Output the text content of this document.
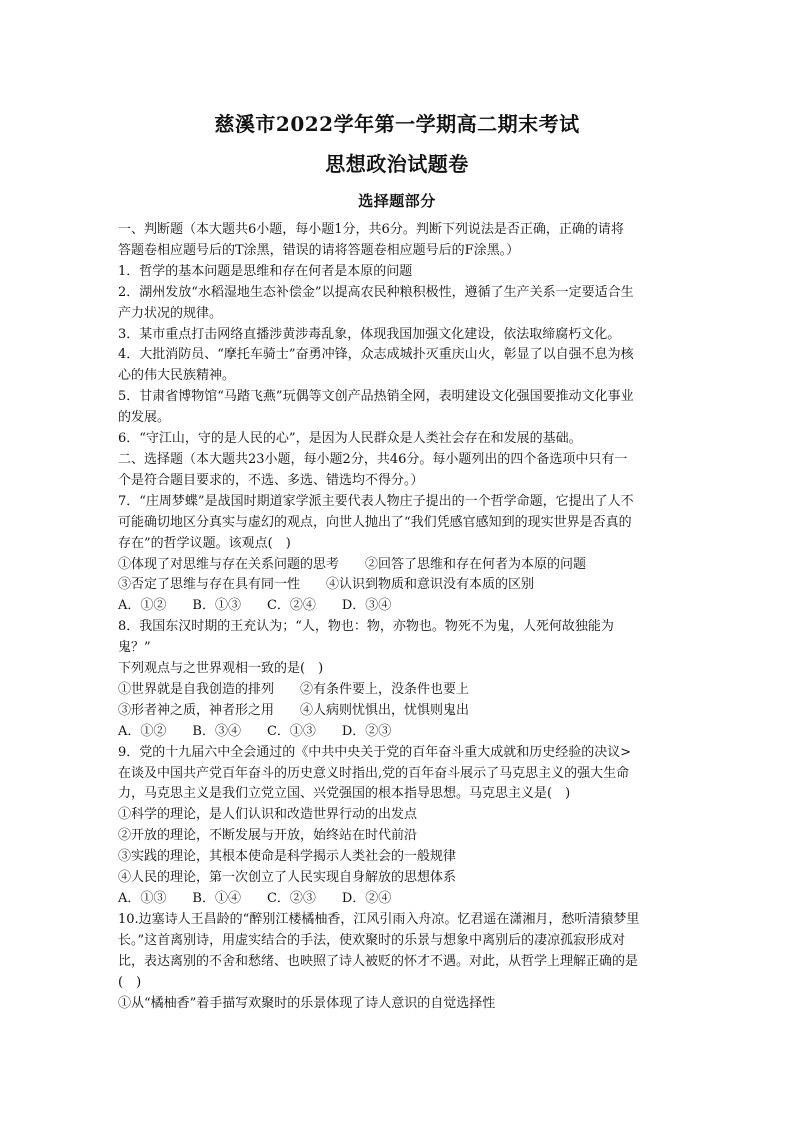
慈溪市2022学年第一学期高二期末考试
思想政治试题卷
选择题部分

一、判断题（本大题共6小题，每小题1分，共6分。判断下列说法是否正确，正确的请将

答题卷相应题号后的T涂黑，错误的请将答题卷相应题号后的F涂黑。）

1．哲学的基本问题是思维和存在何者是本原的问题

2．湖州发放“水稻湿地生态补偿金”以提高农民种粮积极性，遵循了生产关系一定要适合生

产力状况的规律。

3．某市重点打击网络直播涉黄涉毒乱象，体现我国加强文化建设，依法取缔腐朽文化。

4．大批消防员、“摩托车骑士”奋勇冲锋，众志成城扑灭重庆山火，彰显了以自强不息为核

心的伟大民族精神。

5．甘肃省博物馆“马踏飞燕”玩偶等文创产品热销全网，表明建设文化强国要推动文化事业

的发展。

6．“守江山，守的是人民的心”，是因为人民群众是人类社会存在和发展的基础。

二、选择题（本大题共23小题，每小题2分，共46分。每小题列出的四个备选项中只有一

个是符合题目要求的，不选、多选、错选均不得分。）

7．“庄周梦蝶”是战国时期道家学派主要代表人物庄子提出的一个哲学命题，它提出了人不

可能确切地区分真实与虚幻的观点，向世人抛出了“我们凭感官感知到的现实世界是否真的

存在”的哲学议题。该观点(　)

①体现了对思维与存在关系问题的思考　　②回答了思维和存在何者为本原的问题

③否定了思维与存在具有同一性　　④认识到物质和意识没有本质的区别

A．①②　　B．①③　　C．②④　　D．③④

8．我国东汉时期的王充认为；“人，物也：物，亦物也。物死不为鬼，人死何故独能为

鬼？”

下列观点与之世界观相一致的是(　)

①世界就是自我创造的排列　　②有条件要上，没条件也要上

③形者神之质，神者形之用　　④人病则忧惧出，忧惧则鬼出

A．①②　　B．③④　　C．①③　　D．②③

9．党的十九届六中全会通过的《中共中央关于党的百年奋斗重大成就和历史经验的决议>

在谈及中国共产党百年奋斗的历史意义时指出,党的百年奋斗展示了马克思主义的强大生命

力，马克思主义是我们立党立国、兴党强国的根本指导思想。马克思主义是(　)

①科学的理论，是人们认识和改造世界行动的出发点

②开放的理论，不断发展与开放，始终站在时代前沿

③实践的理论，其根本使命是科学揭示人类社会的一般规律

④人民的理论，第一次创立了人民实现自身解放的思想体系

A．①③　　B．①④　　C．②③　　D．②④

10.边塞诗人王昌龄的“醉别江楼橘柚香，江风引雨入舟凉。忆君遥在潇湘月，愁听清猿梦里

长。”这首离别诗，用虚实结合的手法，使欢聚时的乐景与想象中离别后的凄凉孤寂形成对

比，表达离别的不舍和愁绪、也映照了诗人被贬的怀才不遇。对此，从哲学上理解正确的是

(　)

①从“橘柚香”着手描写欢聚时的乐景体现了诗人意识的自觉选择性
